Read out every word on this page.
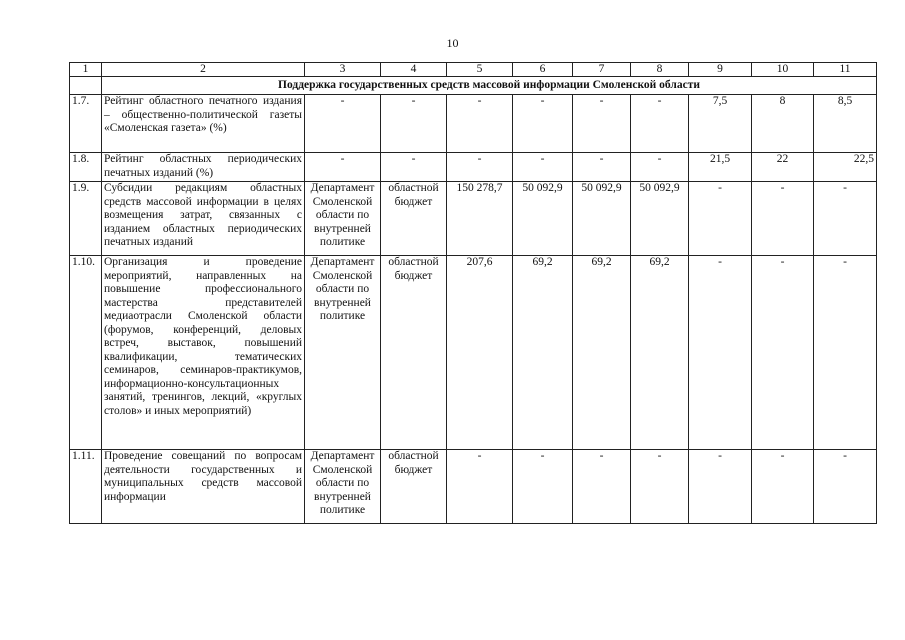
10
1	2	3	4	5	6	7	8	9	10	11
	Поддержка государственных средств массовой информации Смоленской области									
1.7.	Рейтинг областного печатного издания – общественно-политической газеты «Смоленская газета» (%)	-	-	-	-	-	-	7,5	8	8,5
1.8.	Рейтинг областных периодических печатных изданий (%)	-	-	-	-	-	-	21,5	22	22,5
1.9.	Субсидии редакциям областных средств массовой информации в целях возмещения затрат, связанных с изданием областных периодических печатных изданий	Департамент Смоленской области по внутренней политике	областной бюджет	150 278,7	50 092,9	50 092,9	50 092,9	-	-	-
1.10.	Организация и проведение мероприятий, направленных на повышение профессионального мастерства представителей медиаотрасли Смоленской области (форумов, конференций, деловых встреч, выставок, повышений квалификации, тематических семинаров, семинаров-практикумов, информационно-консультационных занятий, тренингов, лекций, «круглых столов» и иных мероприятий)	Департамент Смоленской области по внутренней политике	областной бюджет	207,6	69,2	69,2	69,2	-	-	-
1.11.	Проведение совещаний по вопросам деятельности государственных и муниципальных средств массовой информации	Департамент Смоленской области по внутренней политике	областной бюджет	-	-	-	-	-	-	-
